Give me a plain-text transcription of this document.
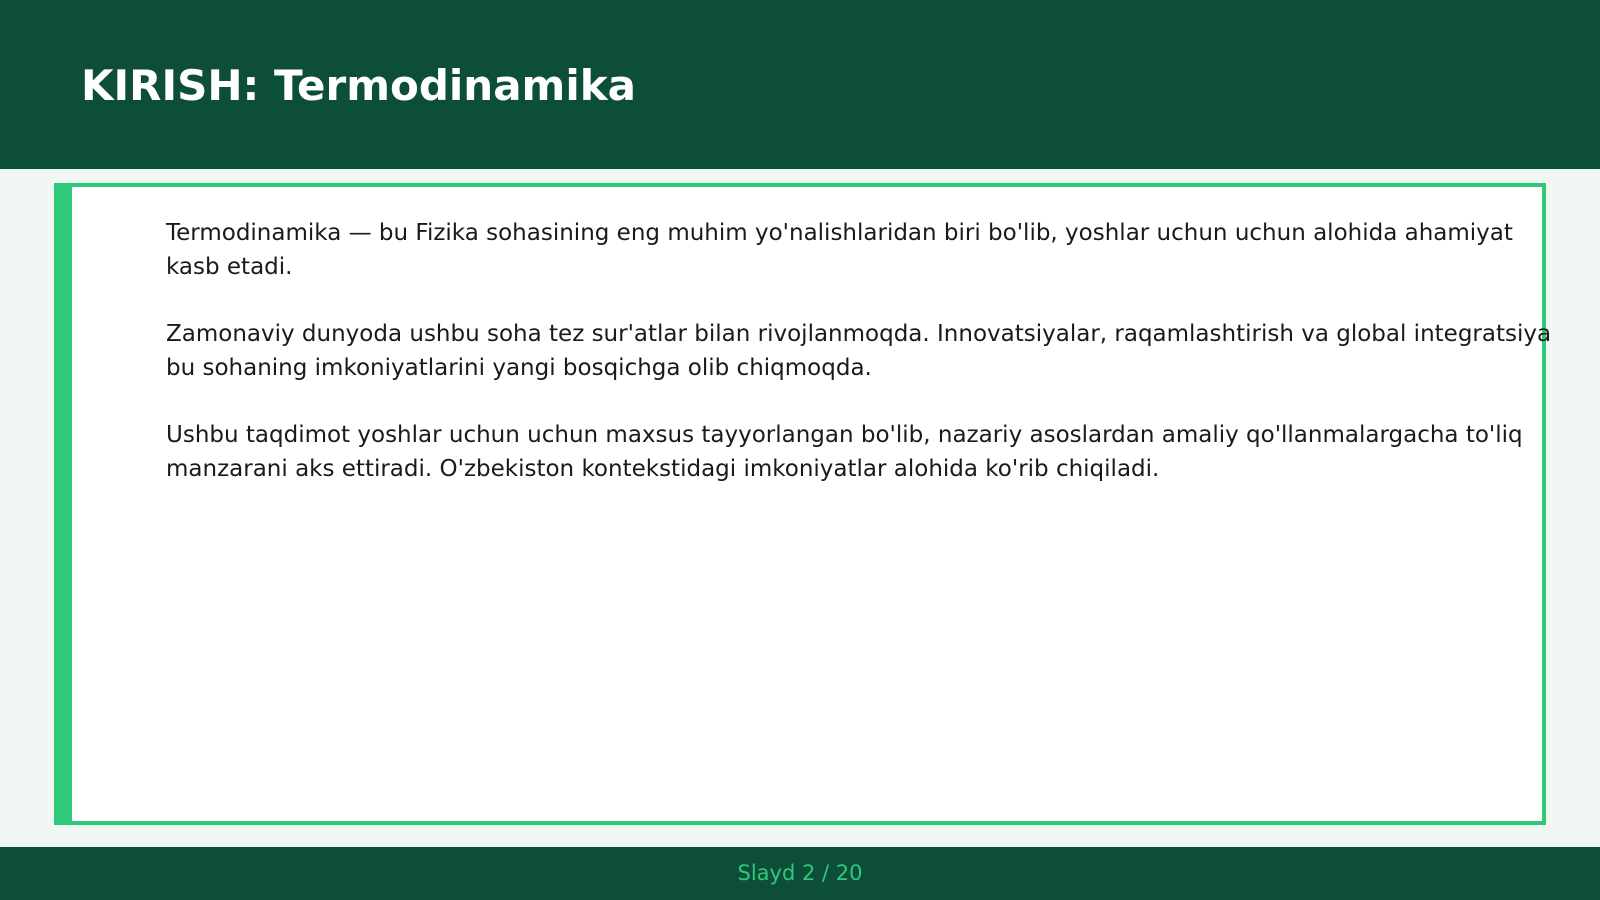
KIRISH: Termodinamika

Termodinamika — bu Fizika sohasining eng muhim yo'nalishlaridan biri bo'lib, yoshlar uchun uchun alohida ahamiyat kasb etadi.

Zamonaviy dunyoda ushbu soha tez sur'atlar bilan rivojlanmoqda. Innovatsiyalar, raqamlashtirish va global integratsiya bu sohaning imkoniyatlarini yangi bosqichga olib chiqmoqda.

Ushbu taqdimot yoshlar uchun uchun maxsus tayyorlangan bo'lib, nazariy asoslardan amaliy qo'llanmalargacha to'liq manzarani aks ettiradi. O'zbekiston kontekstidagi imkoniyatlar alohida ko'rib chiqiladi.

Slayd 2 / 20
